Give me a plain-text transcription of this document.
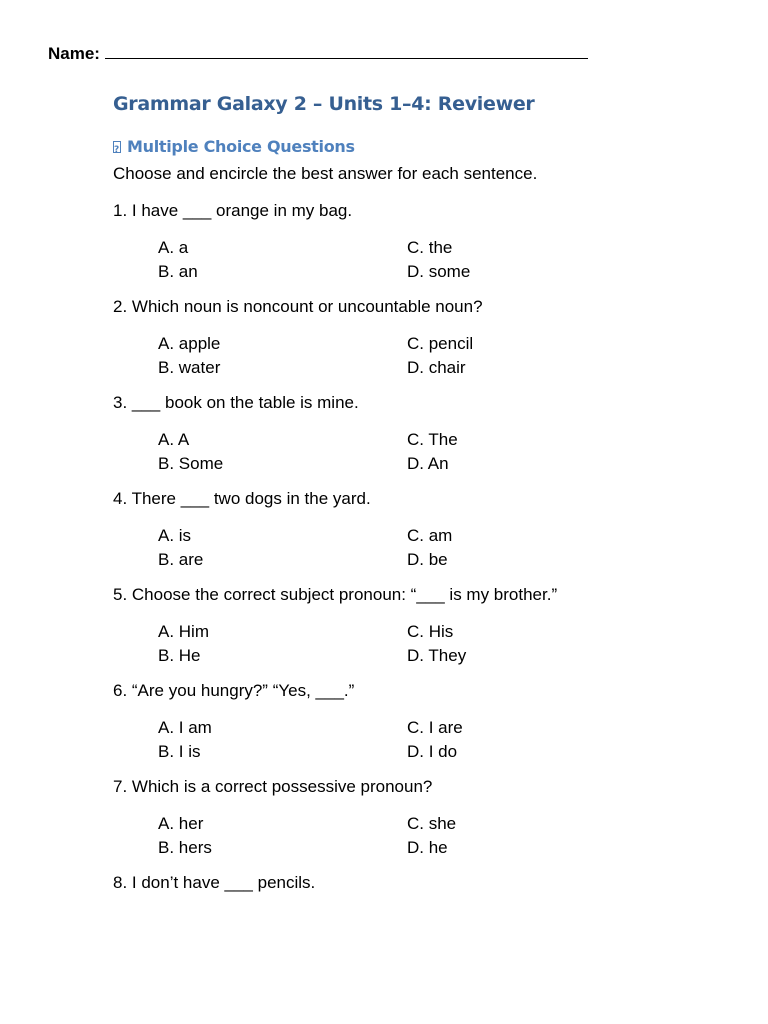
Name:
Grammar Galaxy 2 – Units 1–4: Reviewer
?
Multiple Choice Questions
Choose and encircle the best answer for each sentence.
1. I have ___ orange in my bag.
A. a
B. an
C. the
D. some
2. Which noun is noncount or uncountable noun?
A. apple
B. water
C. pencil
D. chair
3. ___ book on the table is mine.
A. A
B. Some
C. The
D. An
4. There ___ two dogs in the yard.
A. is
B. are
C. am
D. be
5. Choose the correct subject pronoun: “___ is my brother.”
A. Him
B. He
C. His
D. They
6. “Are you hungry?” “Yes, ___.”
A. I am
B. I is
C. I are
D. I do
7. Which is a correct possessive pronoun?
A. her
B. hers
C. she
D. he
8. I don’t have ___ pencils.
